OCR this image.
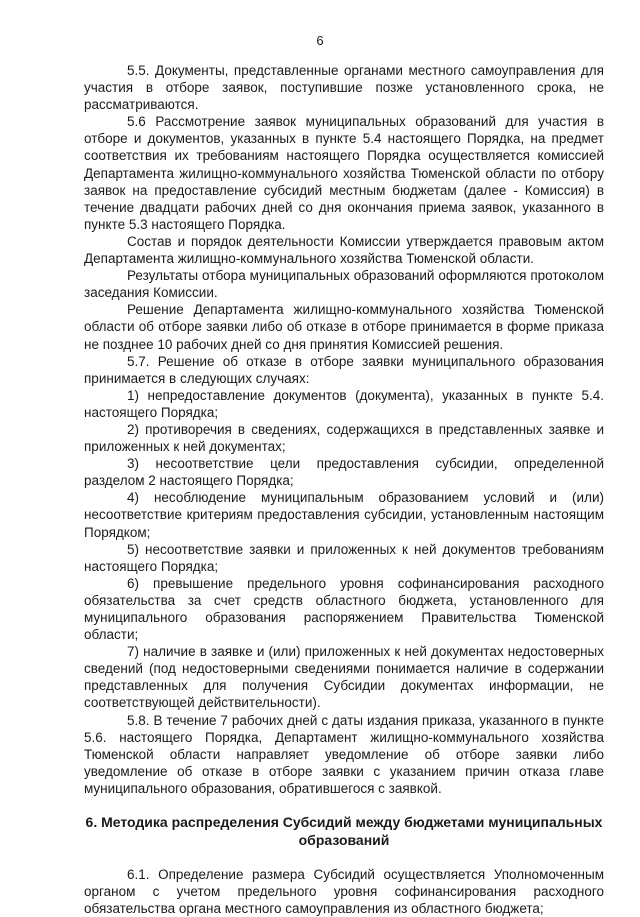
6

5.5. Документы, представленные органами местного самоуправления для участия в отборе заявок, поступившие позже установленного срока, не рассматриваются.

5.6 Рассмотрение заявок муниципальных образований для участия в отборе и документов, указанных в пункте 5.4 настоящего Порядка, на предмет соответствия их требованиям настоящего Порядка осуществляется комиссией Департамента жилищно-коммунального хозяйства Тюменской области по отбору заявок на предоставление субсидий местным бюджетам (далее - Комиссия) в течение двадцати рабочих дней со дня окончания приема заявок, указанного в пункте 5.3 настоящего Порядка.

Состав и порядок деятельности Комиссии утверждается правовым актом Департамента жилищно-коммунального хозяйства Тюменской области.

Результаты отбора муниципальных образований оформляются протоколом заседания Комиссии.

Решение Департамента жилищно-коммунального хозяйства Тюменской области об отборе заявки либо об отказе в отборе принимается в форме приказа не позднее 10 рабочих дней со дня принятия Комиссией решения.

5.7. Решение об отказе в отборе заявки муниципального образования принимается в следующих случаях:

1) непредоставление документов (документа), указанных в пункте 5.4. настоящего Порядка;

2) противоречия в сведениях, содержащихся в представленных заявке и приложенных к ней документах;

3) несоответствие цели предоставления субсидии, определенной разделом 2 настоящего Порядка;

4) несоблюдение муниципальным образованием условий и (или) несоответствие критериям предоставления субсидии, установленным настоящим Порядком;

5) несоответствие заявки и приложенных к ней документов требованиям настоящего Порядка;

6) превышение предельного уровня софинансирования расходного обязательства за счет средств областного бюджета, установленного для муниципального образования распоряжением Правительства Тюменской области;

7) наличие в заявке и (или) приложенных к ней документах недостоверных сведений (под недостоверными сведениями понимается наличие в содержании представленных для получения Субсидии документах информации, не соответствующей действительности).

5.8. В течение 7 рабочих дней с даты издания приказа, указанного в пункте 5.6. настоящего Порядка, Департамент жилищно-коммунального хозяйства Тюменской области направляет уведомление об отборе заявки либо уведомление об отказе в отборе заявки с указанием причин отказа главе муниципального образования, обратившегося с заявкой.

6. Методика распределения Субсидий между бюджетами муниципальных образований

6.1. Определение размера Субсидий осуществляется Уполномоченным органом с учетом предельного уровня софинансирования расходного обязательства органа местного самоуправления из областного бюджета;
